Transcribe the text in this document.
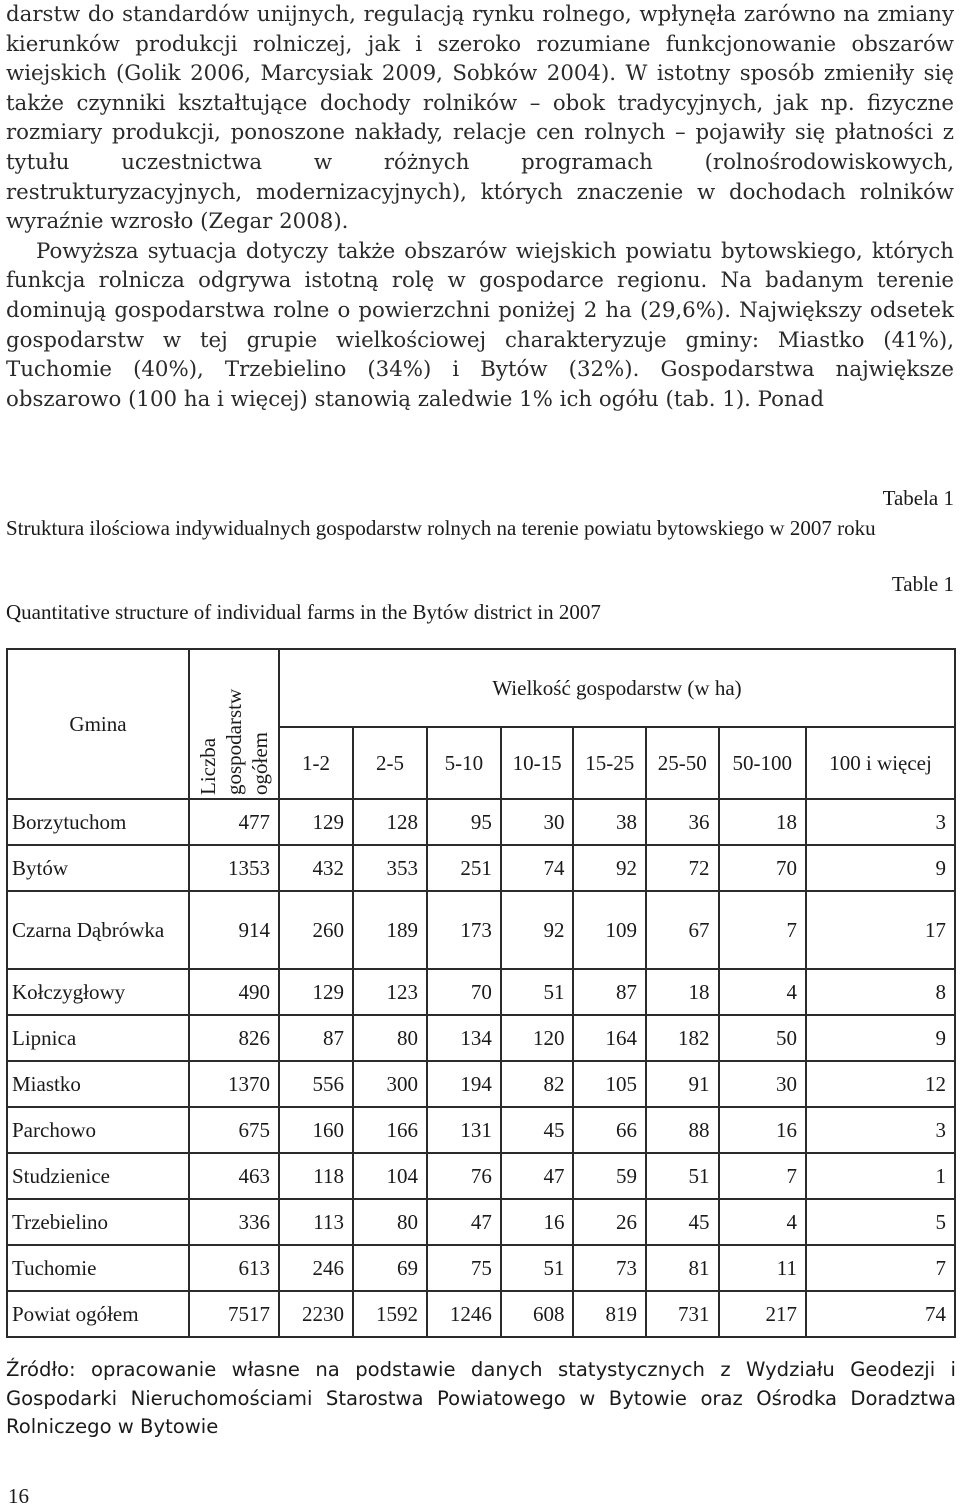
darstw do standardów unijnych, regulacją rynku rolnego, wpłynęła zarówno na zmiany kierunków produkcji rolniczej, jak i szeroko rozumiane funkcjonowanie obszarów wiejskich (Golik 2006, Marcysiak 2009, Sobków 2004). W istotny sposób zmieniły się także czynniki kształtujące dochody rolników – obok tradycyjnych, jak np. fizyczne rozmiary produkcji, ponoszone nakłady, relacje cen rolnych – pojawiły się płatności z tytułu uczestnictwa w różnych programach (rolnośrodowiskowych, restrukturyzacyjnych, modernizacyjnych), których znaczenie w dochodach rolników wyraźnie wzrosło (Zegar 2008).

Powyższa sytuacja dotyczy także obszarów wiejskich powiatu bytowskiego, których funkcja rolnicza odgrywa istotną rolę w gospodarce regionu. Na badanym terenie dominują gospodarstwa rolne o powierzchni poniżej 2 ha (29,6%). Największy odsetek gospodarstw w tej grupie wielkościowej charakteryzuje gminy: Miastko (41%), Tuchomie (40%), Trzebielino (34%) i Bytów (32%). Gospodarstwa największe obszarowo (100 ha i więcej) stanowią zaledwie 1% ich ogółu (tab. 1). Ponad

Tabela 1
Struktura ilościowa indywidualnych gospodarstw rolnych na terenie powiatu bytowskiego w 2007 roku
Table 1
Quantitative structure of individual farms in the Bytów district in 2007
Gmina	Liczba gospodarstw ogółem	Wielkość gospodarstw (w ha)							
		1-2	2-5	5-10	10-15	15-25	25-50	50-100	100 i więcej
Borzytuchom	477	129	128	95	30	38	36	18	3
Bytów	1353	432	353	251	74	92	72	70	9
Czarna Dąbrówka	914	260	189	173	92	109	67	7	17
Kołczygłowy	490	129	123	70	51	87	18	4	8
Lipnica	826	87	80	134	120	164	182	50	9
Miastko	1370	556	300	194	82	105	91	30	12
Parchowo	675	160	166	131	45	66	88	16	3
Studzienice	463	118	104	76	47	59	51	7	1
Trzebielino	336	113	80	47	16	26	45	4	5
Tuchomie	613	246	69	75	51	73	81	11	7
Powiat ogółem	7517	2230	1592	1246	608	819	731	217	74
Źródło: opracowanie własne na podstawie danych statystycznych z Wydziału Geodezji i Gospodarki Nieruchomościami Starostwa Powiatowego w Bytowie oraz Ośrodka Doradztwa Rolniczego w Bytowie
16
